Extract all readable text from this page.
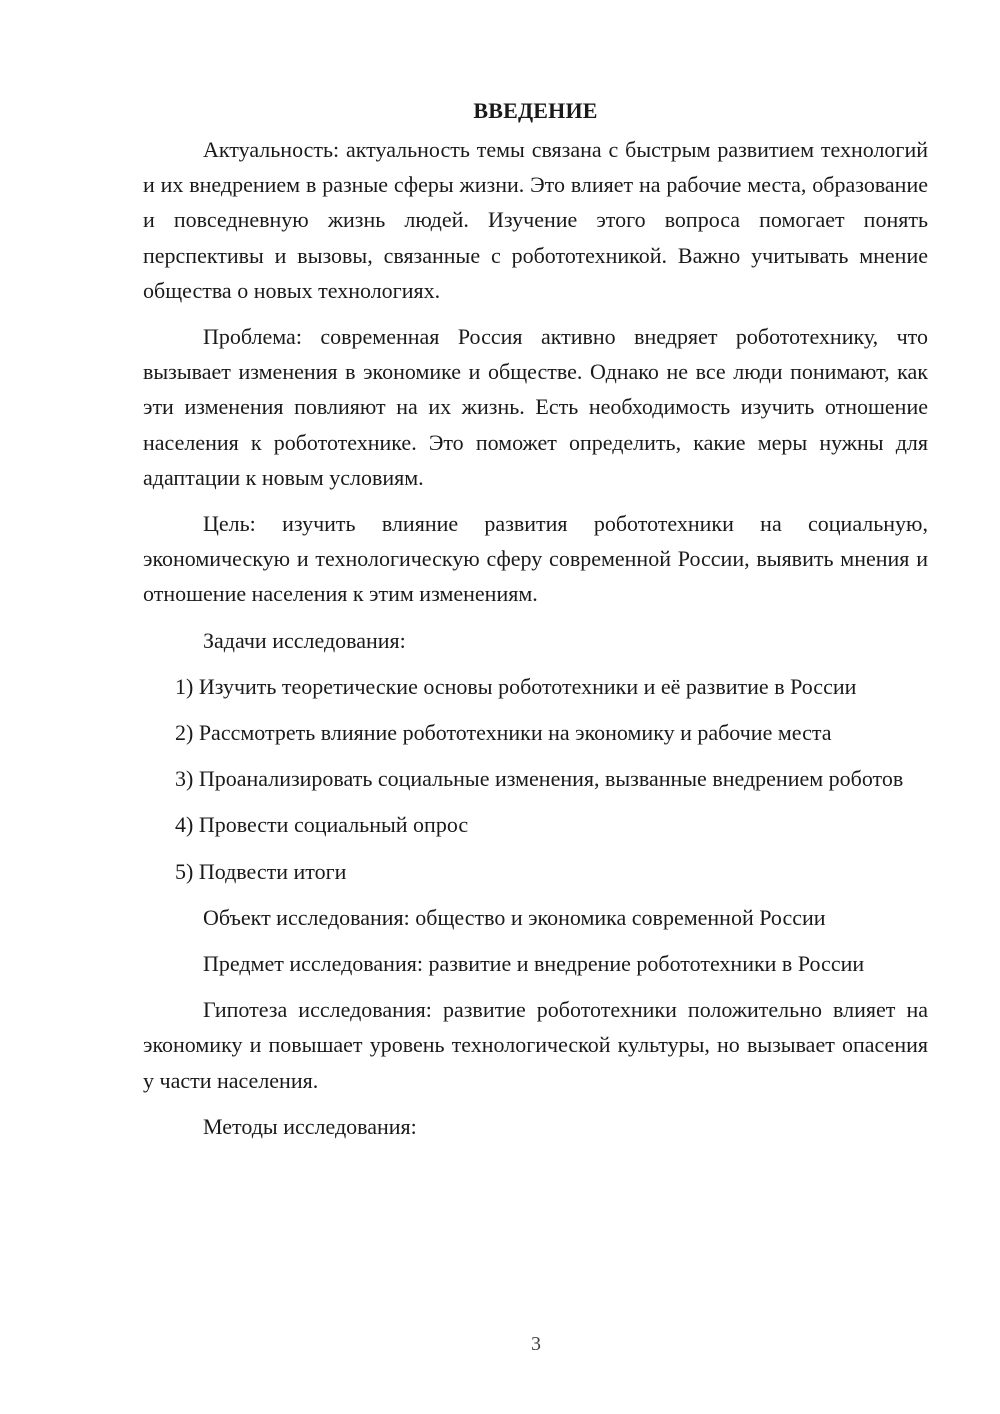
ВВЕДЕНИЕ

Актуальность: актуальность темы связана с быстрым развитием технологий и их внедрением в разные сферы жизни. Это влияет на рабочие места, образование и повседневную жизнь людей. Изучение этого вопроса помогает понять перспективы и вызовы, связанные с робототехникой. Важно учитывать мнение общества о новых технологиях.

Проблема: современная Россия активно внедряет робототехнику, что вызывает изменения в экономике и обществе. Однако не все люди понимают, как эти изменения повлияют на их жизнь. Есть необходимость изучить отношение населения к робототехнике. Это поможет определить, какие меры нужны для адаптации к новым условиям.

Цель: изучить влияние развития робототехники на социальную, экономическую и технологическую сферу современной России, выявить мнения и отношение населения к этим изменениям.

Задачи исследования:

1) Изучить теоретические основы робототехники и её развитие в России

2) Рассмотреть влияние робототехники на экономику и рабочие места

3) Проанализировать социальные изменения, вызванные внедрением роботов

4) Провести социальный опрос

5) Подвести итоги

Объект исследования: общество и экономика современной России

Предмет исследования: развитие и внедрение робототехники в России

Гипотеза исследования: развитие робототехники положительно влияет на экономику и повышает уровень технологической культуры, но вызывает опасения у части населения.

Методы исследования:

3
